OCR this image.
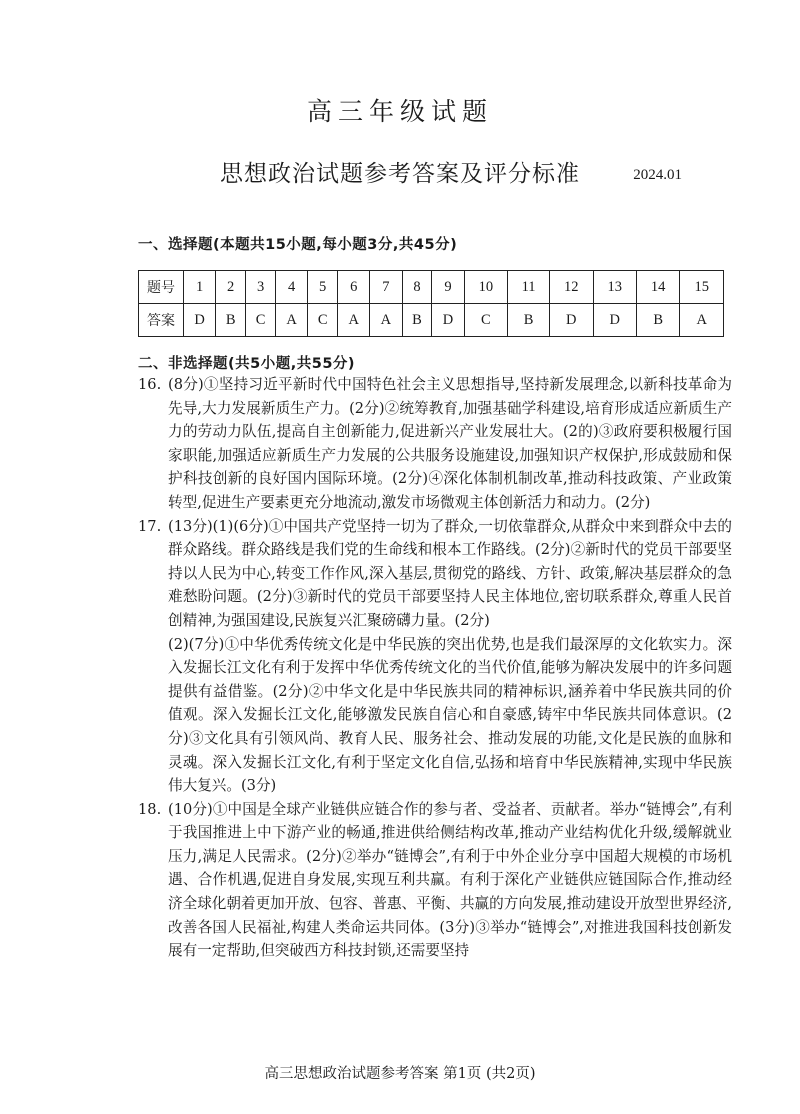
高三年级试题
思想政治试题参考答案及评分标准	2024.01
一、选择题(本题共15小题,每小题3分,共45分)
题号	1	2	3	4	5	6	7	8	9	10	11	12	13	14	15
答案	D	B	C	A	C	A	A	B	D	C	B	D	D	B	A
二、非选择题(共5小题,共55分)

16. (8分)①坚持习近平新时代中国特色社会主义思想指导,坚持新发展理念,以新科技革命为先导,大力发展新质生产力。(2分)②统筹教育,加强基础学科建设,培育形成适应新质生产力的劳动力队伍,提高自主创新能力,促进新兴产业发展壮大。(2的)③政府要积极履行国家职能,加强适应新质生产力发展的公共服务设施建设,加强知识产权保护,形成鼓励和保护科技创新的良好国内国际环境。(2分)④深化体制机制改革,推动科技政策、产业政策转型,促进生产要素更充分地流动,激发市场微观主体创新活力和动力。(2分)

17. (13分)(1)(6分)①中国共产党坚持一切为了群众,一切依靠群众,从群众中来到群众中去的群众路线。群众路线是我们党的生命线和根本工作路线。(2分)②新时代的党员干部要坚持以人民为中心,转变工作作风,深入基层,贯彻党的路线、方针、政策,解决基层群众的急难愁盼问题。(2分)③新时代的党员干部要坚持人民主体地位,密切联系群众,尊重人民首创精神,为强国建设,民族复兴汇聚磅礴力量。(2分)

(2)(7分)①中华优秀传统文化是中华民族的突出优势,也是我们最深厚的文化软实力。深入发掘长江文化有利于发挥中华优秀传统文化的当代价值,能够为解决发展中的许多问题提供有益借鉴。(2分)②中华文化是中华民族共同的精神标识,涵养着中华民族共同的价值观。深入发掘长江文化,能够激发民族自信心和自豪感,铸牢中华民族共同体意识。(2分)③文化具有引领风尚、教育人民、服务社会、推动发展的功能,文化是民族的血脉和灵魂。深入发掘长江文化,有利于坚定文化自信,弘扬和培育中华民族精神,实现中华民族伟大复兴。(3分)

18. (10分)①中国是全球产业链供应链合作的参与者、受益者、贡献者。举办“链博会”,有利于我国推进上中下游产业的畅通,推进供给侧结构改革,推动产业结构优化升级,缓解就业压力,满足人民需求。(2分)②举办“链博会”,有利于中外企业分享中国超大规模的市场机遇、合作机遇,促进自身发展,实现互利共赢。有利于深化产业链供应链国际合作,推动经济全球化朝着更加开放、包容、普惠、平衡、共赢的方向发展,推动建设开放型世界经济,改善各国人民福祉,构建人类命运共同体。(3分)③举办“链博会”,对推进我国科技创新发展有一定帮助,但突破西方科技封锁,还需要坚持

高三思想政治试题参考答案 第1页 (共2页)
